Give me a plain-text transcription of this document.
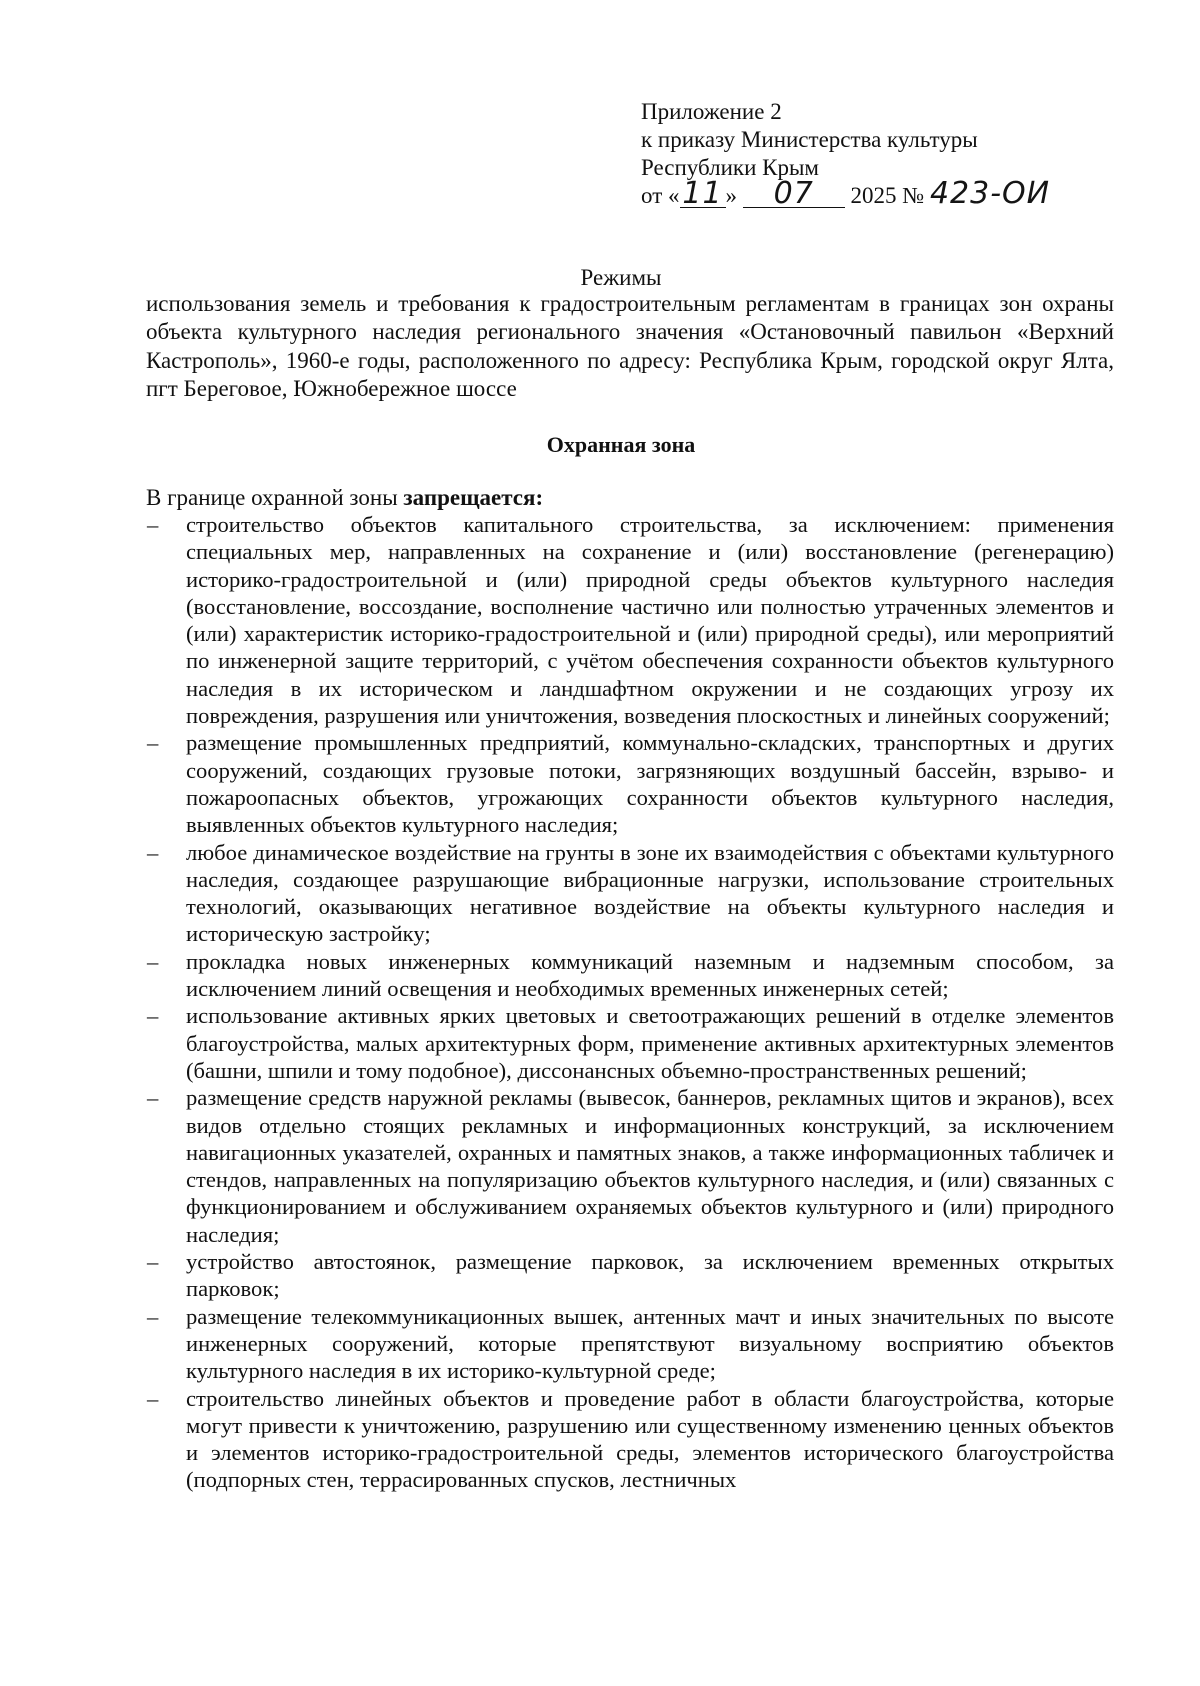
Приложение 2
к приказу Министерства культуры
Республики Крым
от «11 » 07 2025 № 423-ОИ
Режимы
использования земель и требования к градостроительным регламентам в границах зон охраны объекта культурного наследия регионального значения «Остановочный павильон «Верхний Кастрополь», 1960-е годы, расположенного по адресу: Республика Крым, городской округ Ялта, пгт Береговое, Южнобережное шоссе
Охранная зона
В границе охранной зоны запрещается:
– строительство объектов капитального строительства, за исключением: применения специальных мер, направленных на сохранение и (или) восстановление (регенерацию) историко-градостроительной и (или) природной среды объектов культурного наследия (восстановление, воссоздание, восполнение частично или полностью утраченных элементов и (или) характеристик историко-градостроительной и (или) природной среды), или мероприятий по инженерной защите территорий, с учётом обеспечения сохранности объектов культурного наследия в их историческом и ландшафтном окружении и не создающих угрозу их повреждения, разрушения или уничтожения, возведения плоскостных и линейных сооружений;
– размещение промышленных предприятий, коммунально-складских, транспортных и других сооружений, создающих грузовые потоки, загрязняющих воздушный бассейн, взрыво- и пожароопасных объектов, угрожающих сохранности объектов культурного наследия, выявленных объектов культурного наследия;
– любое динамическое воздействие на грунты в зоне их взаимодействия с объектами культурного наследия, создающее разрушающие вибрационные нагрузки, использование строительных технологий, оказывающих негативное воздействие на объекты культурного наследия и историческую застройку;
– прокладка новых инженерных коммуникаций наземным и надземным способом, за исключением линий освещения и необходимых временных инженерных сетей;
– использование активных ярких цветовых и светоотражающих решений в отделке элементов благоустройства, малых архитектурных форм, применение активных архитектурных элементов (башни, шпили и тому подобное), диссонансных объемно-пространственных решений;
– размещение средств наружной рекламы (вывесок, баннеров, рекламных щитов и экранов), всех видов отдельно стоящих рекламных и информационных конструкций, за исключением навигационных указателей, охранных и памятных знаков, а также информационных табличек и стендов, направленных на популяризацию объектов культурного наследия, и (или) связанных с функционированием и обслуживанием охраняемых объектов культурного и (или) природного наследия;
– устройство автостоянок, размещение парковок, за исключением временных открытых парковок;
– размещение телекоммуникационных вышек, антенных мачт и иных значительных по высоте инженерных сооружений, которые препятствуют визуальному восприятию объектов культурного наследия в их историко-культурной среде;
– строительство линейных объектов и проведение работ в области благоустройства, которые могут привести к уничтожению, разрушению или существенному изменению ценных объектов и элементов историко-градостроительной среды, элементов исторического благоустройства (подпорных стен, террасированных спусков, лестничных
